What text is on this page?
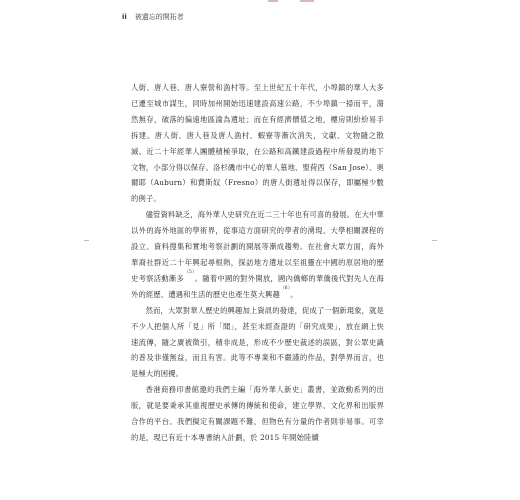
ii 被遺忘的開拓者

人街、唐人巷、唐人寮營和漁村等。至上世紀五十年代，小埠鎮的華人大多已遷至城市謀生，同時加州開始迅速建設高速公路，不少埠鎮一掃而平，蕩然無存，破落的偏遠地區淪為遺址；而在有經濟價值之地，樓房則紛紛易手拆建。唐人街、唐人巷及唐人漁村、蝦寮等漸次消失，文獻、文物隨之散滅。近二十年經華人團體積極爭取，在公路和高鐵建設過程中所發現的地下文物，小部分得以保存。洛杉磯市中心的華人墓地、聖荷西（San Jose）、奧爾耶（Auburn）和費斯奴（Fresno）的唐人街遺址得以保存，即屬極少數的例子。

儘管資料缺乏，海外華人史研究在近二三十年也有可喜的發展。在大中華以外的海外地區的學術界，從事這方面研究的學者的湧現、大學相關課程的設立、資料搜集和實地考察計劃的開展等漸成趨勢。在社會大眾方面，海外華裔社群近二十年興起尋根熱，探訪地方遺址以至祖靈在中國的原居地的歷史考察活動漸多$^{(5)}$。隨着中國的對外開放，國內僑鄉的華僑後代對先人在海外的經歷、遭遇和生活的歷史也產生莫大興趣$^{(6)}$。

然而，大眾對華人歷史的興趣加上資訊的發達，促成了一個新現象，就是不少人把個人所「見」所「聞」，甚至未經查證的「研究成果」，放在網上快速流傳，隨之廣被徵引，積非成是，形成不少歷史裁述的誤區，對公眾史識的普及非僅無益，而且有害。此等不專業和不嚴謹的作品，對學界而言，也是極大的困擾。

香港商務印書館邀約我們主編「海外華人新史」叢書，並啟動系列的出版，就是要秉承其重視歷史承傳的傳統和使命，建立學界、文化界和出版界合作的平台。我們擬定有關課題不難，但物色有分量的作者則非易事。可幸的是，現已有近十本專書納入計劃，於 2015 年開始陸續
